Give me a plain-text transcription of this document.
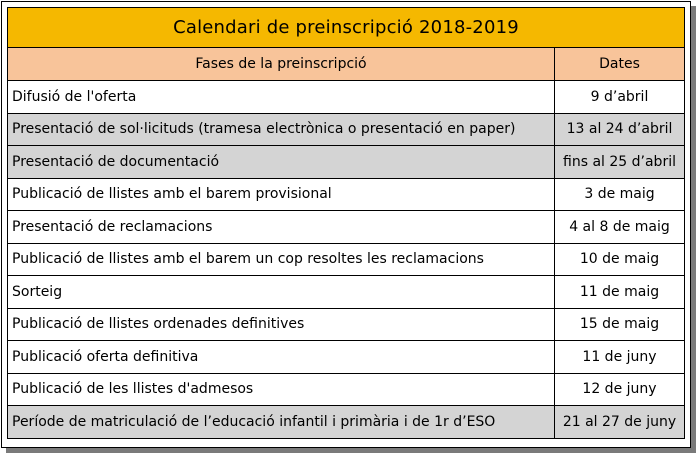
Calendari de preinscripció 2018-2019	
Fases de la preinscripció	Dates
Difusió de l'oferta	9 d’abril
Presentació de sol·licituds (tramesa electrònica o presentació en paper)	13 al 24 d’abril
Presentació de documentació	fins al 25 d’abril
Publicació de llistes amb el barem provisional	3 de maig
Presentació de reclamacions	4 al 8 de maig
Publicació de llistes amb el barem un cop resoltes les reclamacions	10 de maig
Sorteig	11 de maig
Publicació de llistes ordenades definitives	15 de maig
Publicació oferta definitiva	11 de juny
Publicació de les llistes d'admesos	12 de juny
Període de matriculació de l’educació infantil i primària i de 1r d’ESO	21 al 27 de juny
